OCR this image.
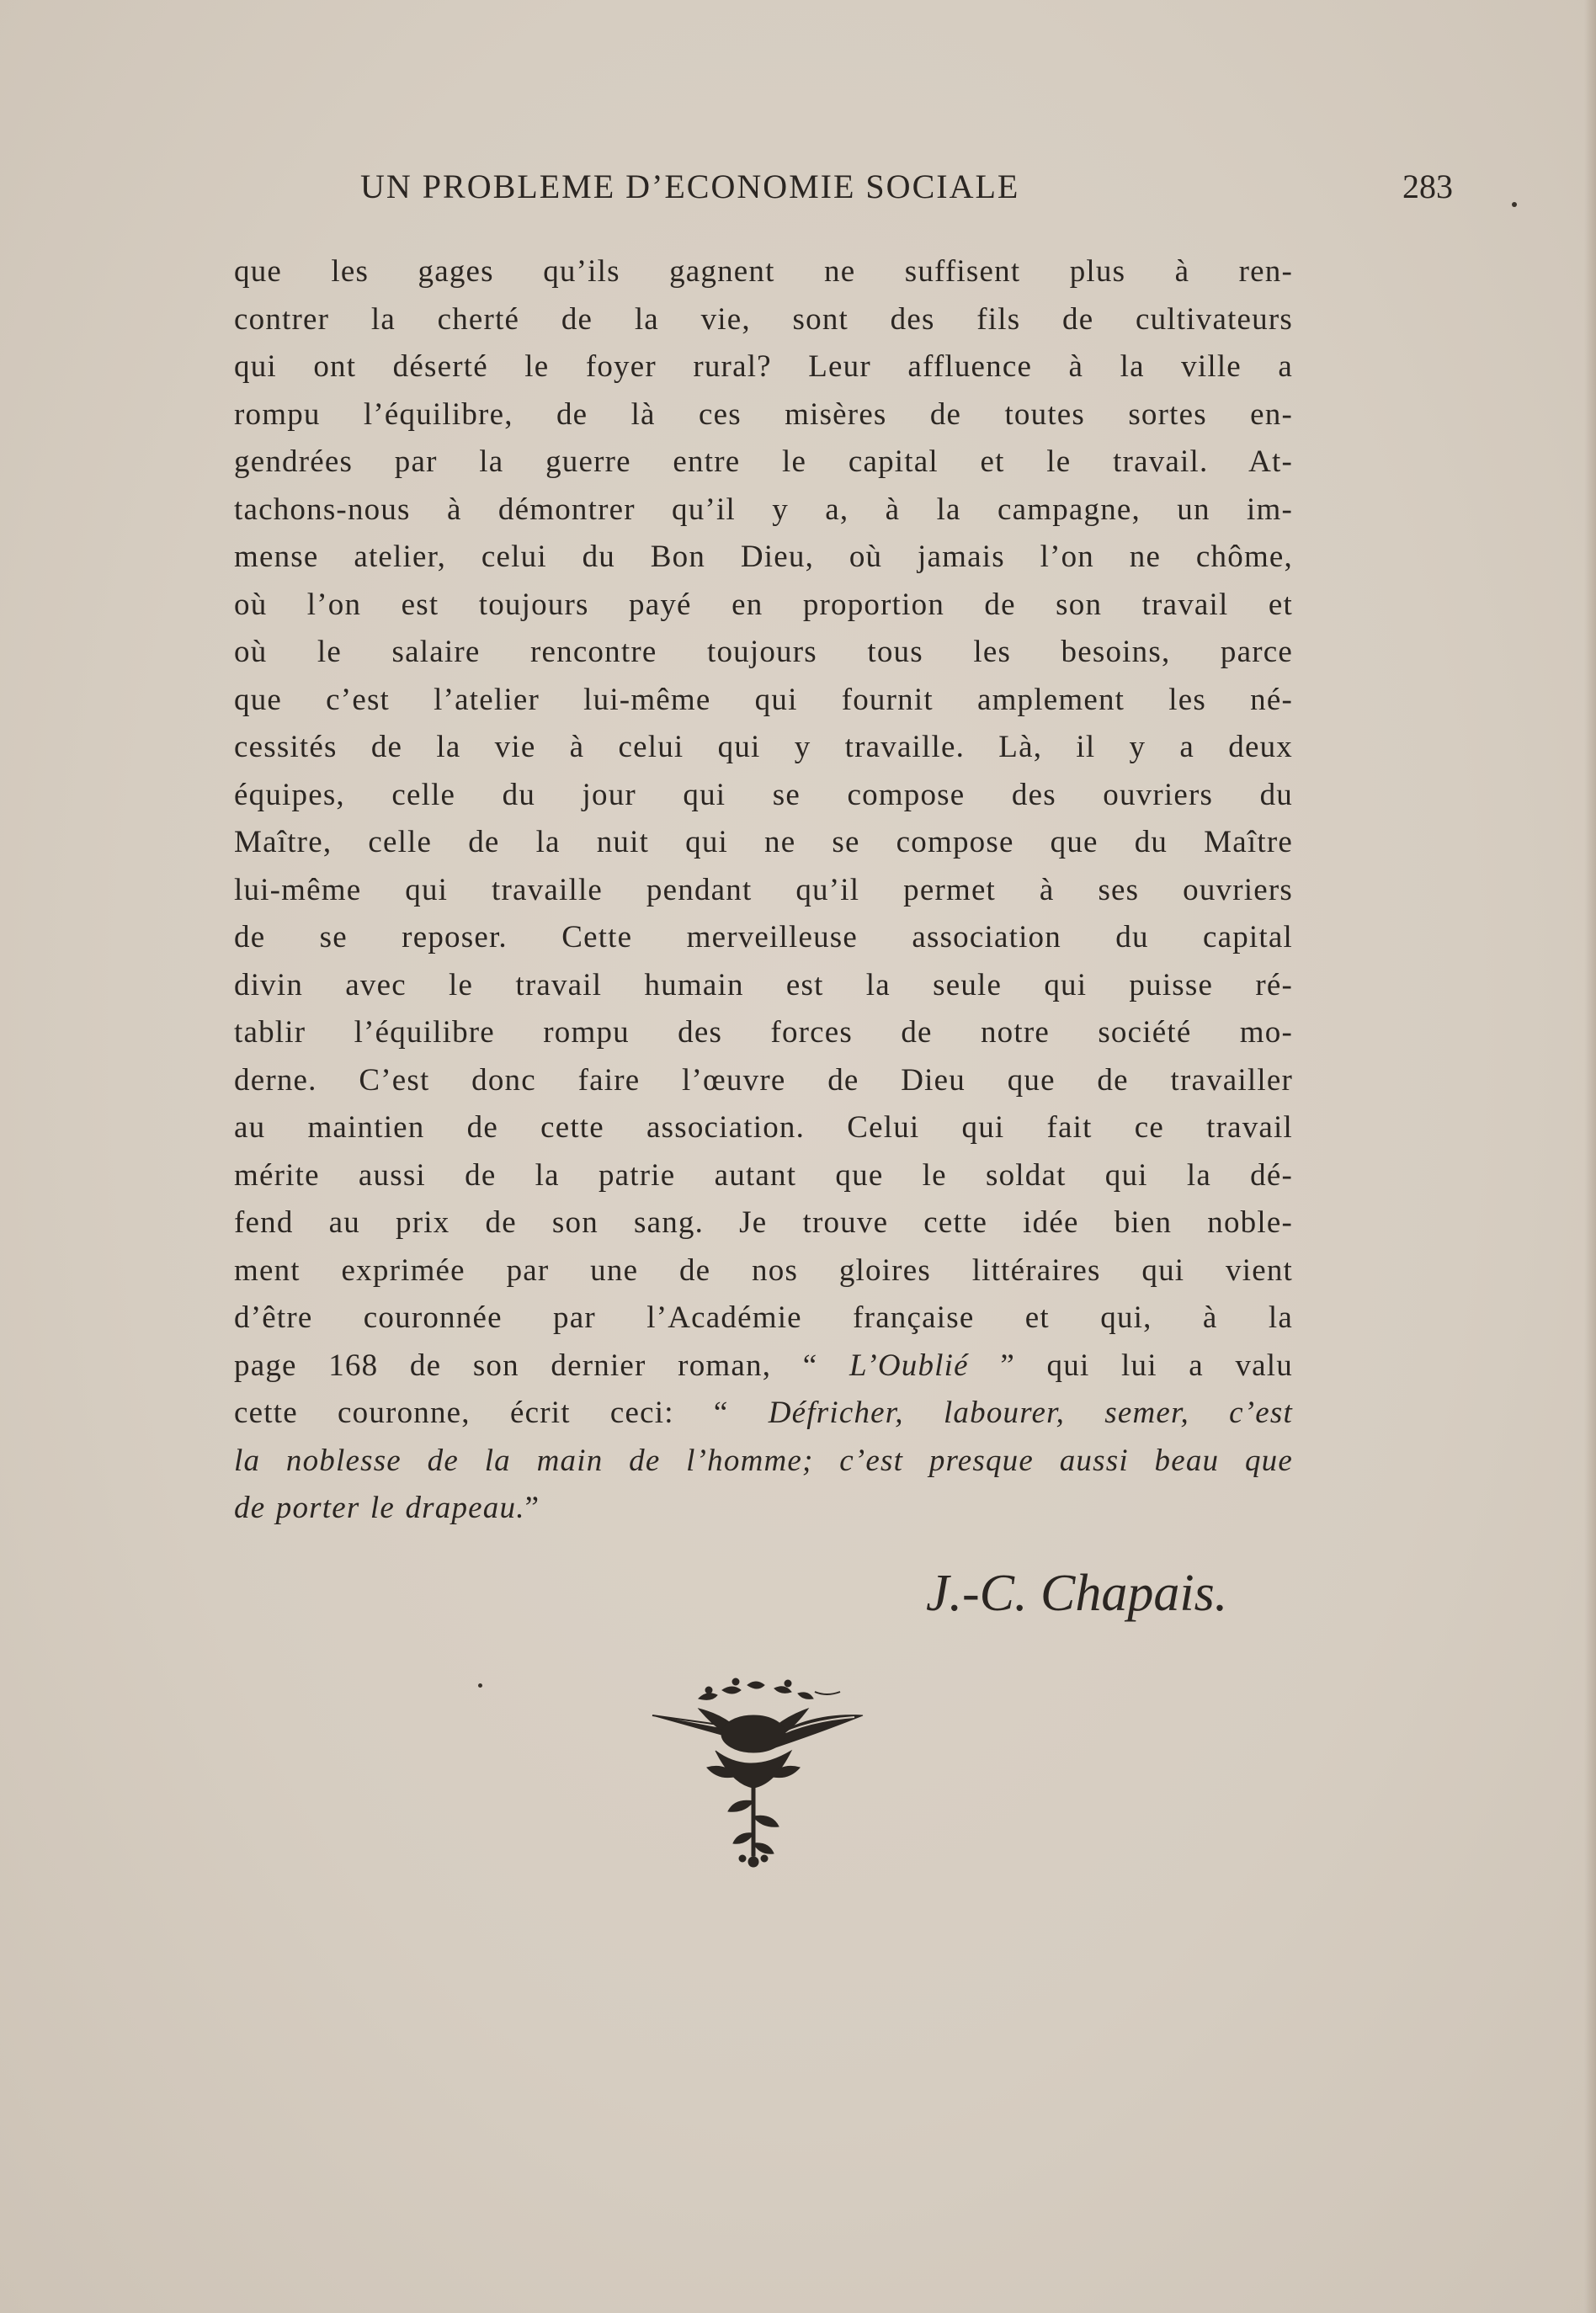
UN PROBLEME D’ECONOMIE SOCIALE	283
que les gages qu’ils gagnent ne suffisent plus à ren-
contrer la cherté de la vie, sont des fils de cultivateurs
qui ont déserté le foyer rural? Leur affluence à la ville a
rompu l’équilibre, de là ces misères de toutes sortes en-
gendrées par la guerre entre le capital et le travail. At-
tachons-nous à démontrer qu’il y a, à la campagne, un im-
mense atelier, celui du Bon Dieu, où jamais l’on ne chôme,
où l’on est toujours payé en proportion de son travail et
où le salaire rencontre toujours tous les besoins, parce
que c’est l’atelier lui-même qui fournit amplement les né-
cessités de la vie à celui qui y travaille. Là, il y a deux
équipes, celle du jour qui se compose des ouvriers du
Maître, celle de la nuit qui ne se compose que du Maître
lui-même qui travaille pendant qu’il permet à ses ouvriers
de se reposer. Cette merveilleuse association du capital
divin avec le travail humain est la seule qui puisse ré-
tablir l’équilibre rompu des forces de notre société mo-
derne. C’est donc faire l’œuvre de Dieu que de travailler
au maintien de cette association. Celui qui fait ce travail
mérite aussi de la patrie autant que le soldat qui la dé-
fend au prix de son sang. Je trouve cette idée bien noble-
ment exprimée par une de nos gloires littéraires qui vient
d’être couronnée par l’Académie française et qui, à la
page 168 de son dernier roman, “ L’Oublié ” qui lui a valu
cette couronne, écrit ceci: “ Défricher, labourer, semer, c’est
la noblesse de la main de l’homme; c’est presque aussi beau que
de porter le drapeau.”
J.-C. Chapais.
